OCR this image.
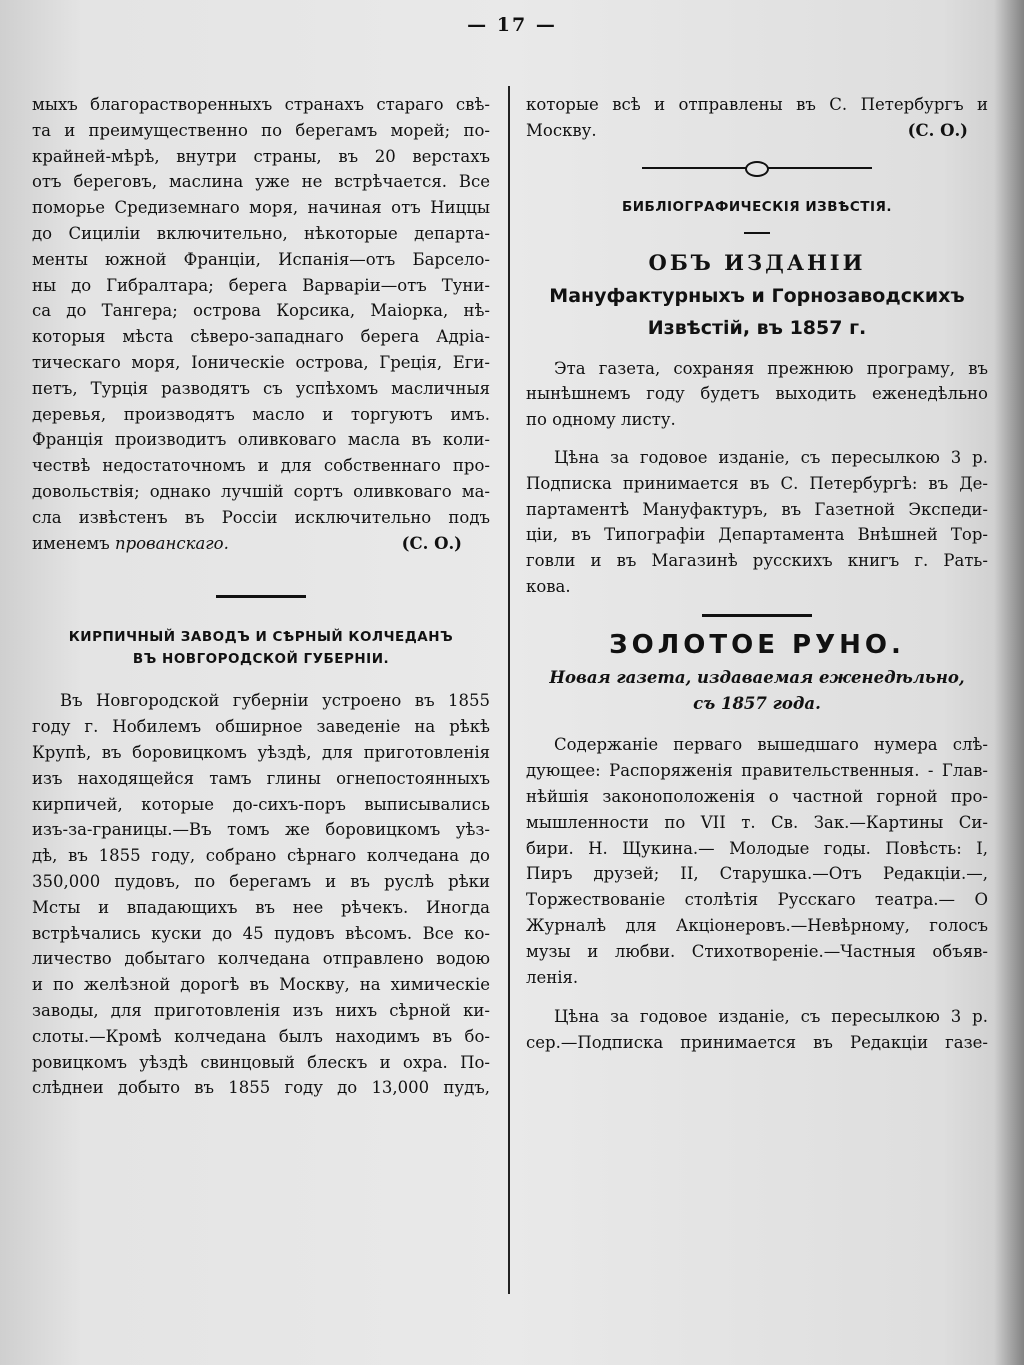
— 17 —
мыхъ благорастворенныхъ странахъ стараго свѣ-
та и преимущественно по берегамъ морей; по-
крайней-мѣрѣ, внутри страны, въ 20 верстахъ
отъ береговъ, маслина уже не встрѣчается. Все
поморье Средиземнаго моря, начиная отъ Ниццы
до Сициліи включительно, нѣкоторые департа-
менты южной Франціи, Испанія—отъ Барсело-
ны до Гибралтара; берега Варваріи—отъ Туни-
са до Тангера; острова Корсика, Маіорка, нѣ-
которыя мѣста сѣверо-западнаго берега Адріа-
тическаго моря, Іоническіе острова, Греція, Еги-
петъ, Турція разводятъ съ успѣхомъ масличныя
деревья, производятъ масло и торгуютъ имъ.
Франція производитъ оливковаго масла въ коли-
чествѣ недостаточномъ и для собственнаго про-
довольствія; однако лучшій сортъ оливковаго ма-
сла извѣстенъ въ Россіи исключительно подъ
именемъ прованскаго.	(С. О.)
КИРПИЧНЫЙ ЗАВОДЪ И СѢРНЫЙ КОЛЧЕДАНЪ
ВЪ НОВГОРОДСКОЙ ГУБЕРНІИ.
Въ Новгородской губерніи устроено въ 1855
году г. Нобилемъ обширное заведеніе на рѣкѣ
Крупѣ, въ боровицкомъ уѣздѣ, для приготовленія
изъ находящейся тамъ глины огнепостоянныхъ
кирпичей, которые до-сихъ-поръ выписывались
изъ-за-границы.—Въ томъ же боровицкомъ уѣз-
дѣ, въ 1855 году, собрано сѣрнаго колчедана до
350,000 пудовъ, по берегамъ и въ руслѣ рѣки
Мсты и впадающихъ въ нее рѣчекъ. Иногда
встрѣчались куски до 45 пудовъ вѣсомъ. Все ко-
личество добытаго колчедана отправлено водою
и по желѣзной дорогѣ въ Москву, на химическіе
заводы, для приготовленія изъ нихъ сѣрной ки-
слоты.—Кромѣ колчедана былъ находимъ въ бо-
ровицкомъ уѣздѣ свинцовый блескъ и охра. По-
слѣднеи добыто въ 1855 году до 13,000 пудъ,
которые всѣ и отправлены въ С. Петербургъ и
Москву.	(С. О.)
БИБЛІОГРАФИЧЕСКІЯ ИЗВѢСТІЯ.
ОБЪ ИЗДАНІИ
Мануфактурныхъ и Горнозаводскихъ
Извѣстій, въ 1857 г.
Эта газета, сохраняя прежнюю програму, въ
нынѣшнемъ году будетъ выходить еженедѣльно
по одному листу.
Цѣна за годовое изданіе, съ пересылкою 3 р.
Подписка принимается въ С. Петербургѣ: въ Де-
партаментѣ Мануфактуръ, въ Газетной Экспеди-
ціи, въ Типографіи Департамента Внѣшней Тор-
говли и въ Магазинѣ русскихъ книгъ г. Рать-
кова.
ЗОЛОТОЕ РУНО.
Новая газета, издаваемая еженедѣльно,
съ 1857 года.
Содержаніе перваго вышедшаго нумера слѣ-
дующее: Распоряженія правительственныя. - Глав-
нѣйшія законоположенія о частной горной про-
мышленности по VII т. Св. Зак.—Картины Си-
бири. Н. Щукина.— Молодые годы. Повѣсть: I,
Пиръ друзей; II, Старушка.—Отъ Редакціи.—,
Торжествованіе столѣтія Русскаго театра.— О
Журналѣ для Акціонеровъ.—Невѣрному, голосъ
музы и любви. Стихотвореніе.—Частныя объяв-
ленія.
Цѣна за годовое изданіе, съ пересылкою 3 р.
сер.—Подписка принимается въ Редакціи газе-
